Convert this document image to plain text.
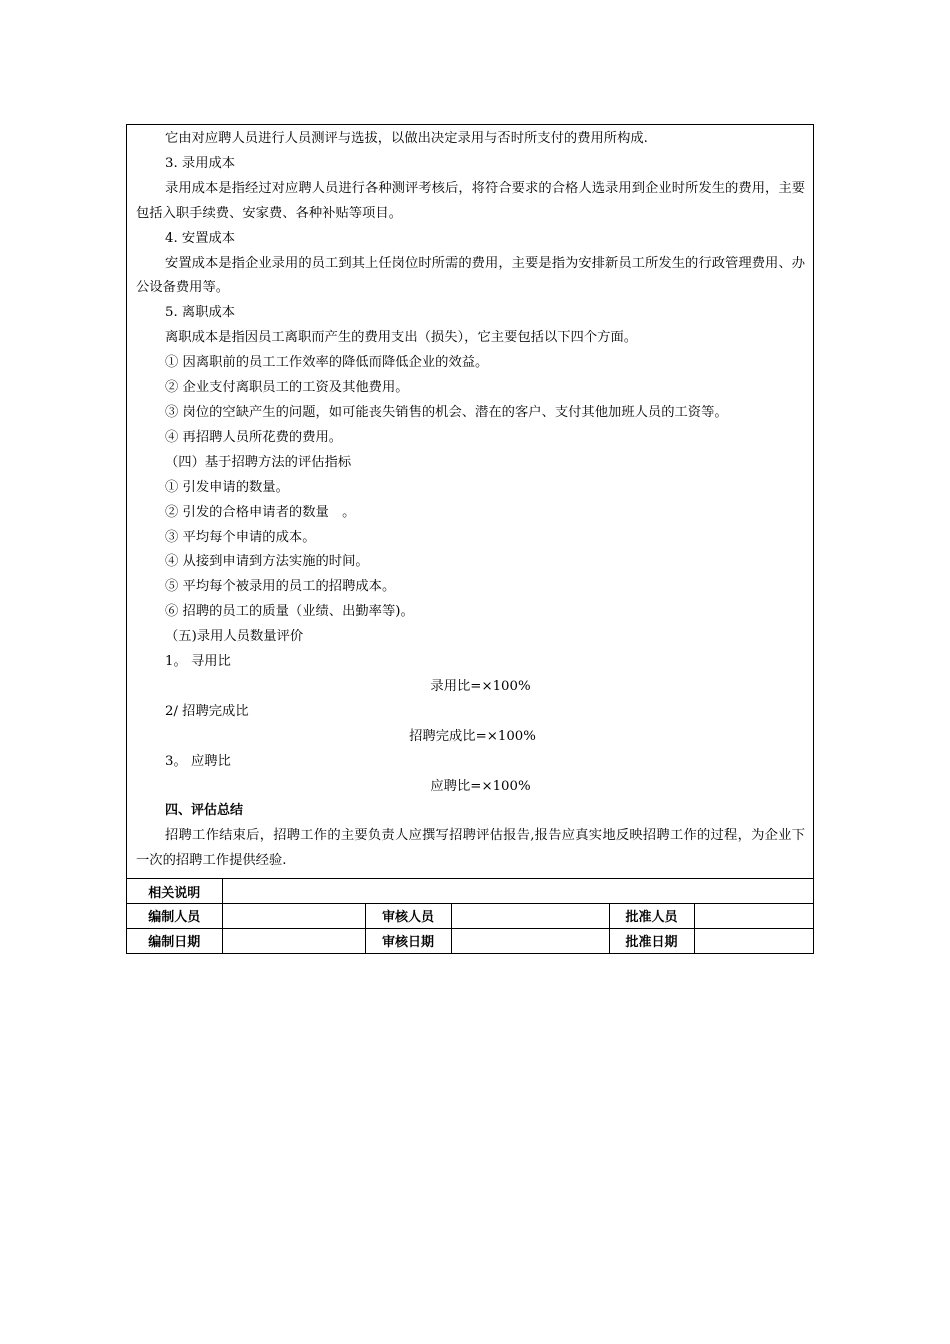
它由对应聘人员进行人员测评与选拔，以做出决定录用与否时所支付的费用所构成.
3. 录用成本
录用成本是指经过对应聘人员进行各种测评考核后，将符合要求的合格人选录用到企业时所发生的费用，主要包括入职手续费、安家费、各种补贴等项目。
4. 安置成本
安置成本是指企业录用的员工到其上任岗位时所需的费用，主要是指为安排新员工所发生的行政管理费用、办公设备费用等。
5. 离职成本
离职成本是指因员工离职而产生的费用支出（损失），它主要包括以下四个方面。
① 因离职前的员工工作效率的降低而降低企业的效益。
② 企业支付离职员工的工资及其他费用。
③ 岗位的空缺产生的问题，如可能丧失销售的机会、潜在的客户、支付其他加班人员的工资等。
④ 再招聘人员所花费的费用。
（四）基于招聘方法的评估指标
① 引发申请的数量。
② 引发的合格申请者的数量　。
③ 平均每个申请的成本。
④ 从接到申请到方法实施的时间。
⑤ 平均每个被录用的员工的招聘成本。
⑥ 招聘的员工的质量（业绩、出勤率等)。
（五)录用人员数量评价
1。 寻用比
录用比=×100%
2/ 招聘完成比
招聘完成比=×100%
3。 应聘比
应聘比=×100%
四、评估总结
招聘工作结束后，招聘工作的主要负责人应撰写招聘评估报告,报告应真实地反映招聘工作的过程，为企业下一次的招聘工作提供经验.
相关说明					
编制人员		审核人员		批准人员	
编制日期		审核日期		批准日期	
